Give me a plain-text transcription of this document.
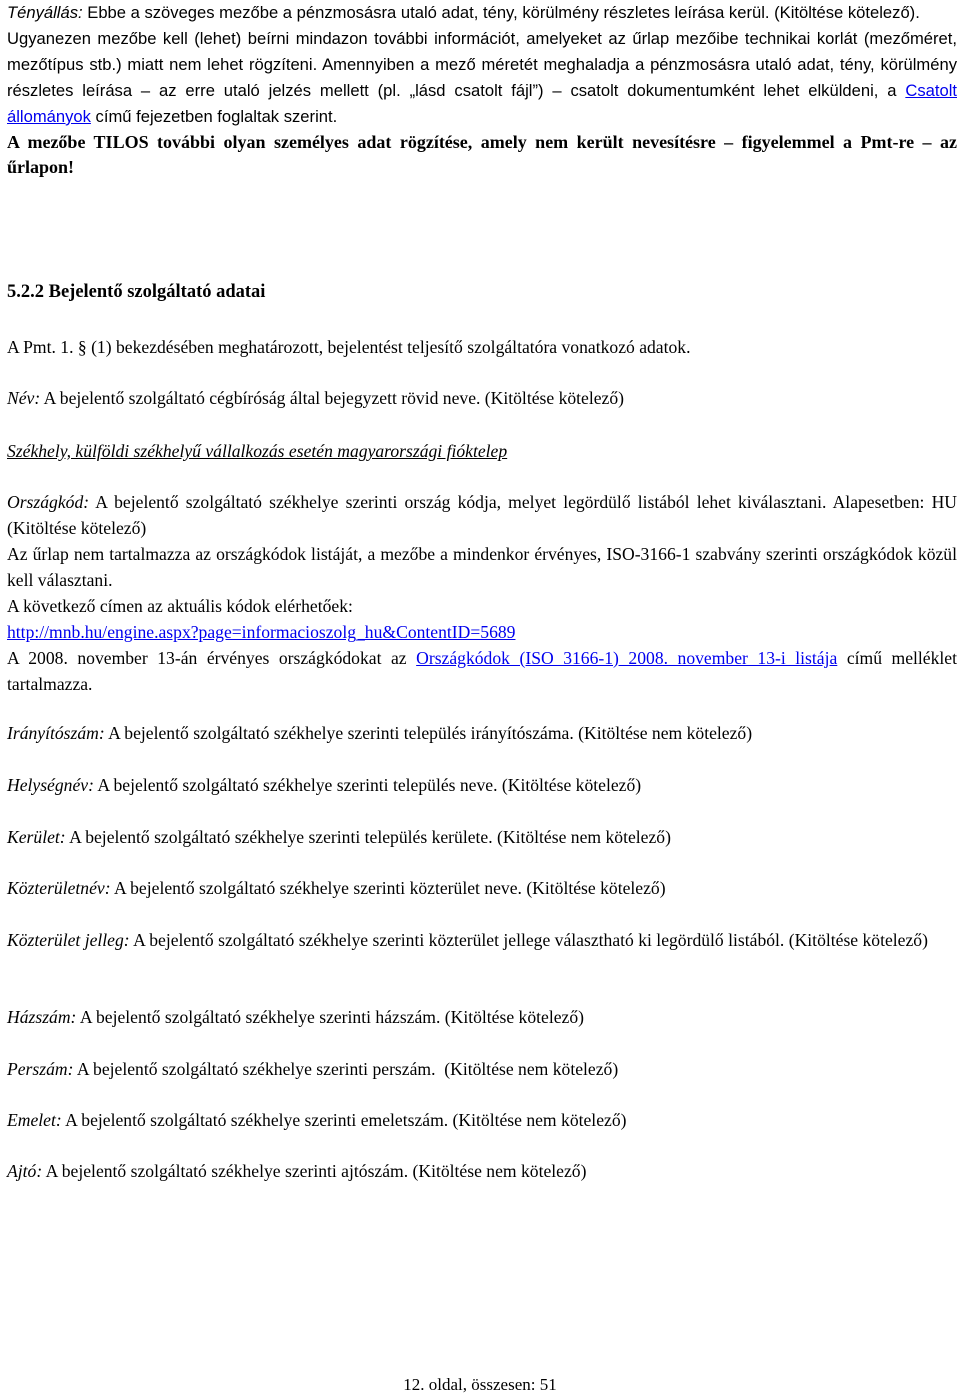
Tényállás: Ebbe a szöveges mezőbe a pénzmosásra utaló adat, tény, körülmény részletes leírása kerül. (Kitöltése kötelező).

Ugyanezen mezőbe kell (lehet) beírni mindazon további információt, amelyeket az űrlap mezőibe technikai korlát (mezőméret, mezőtípus stb.) miatt nem lehet rögzíteni. Amennyiben a mező méretét meghaladja a pénzmosásra utaló adat, tény, körülmény részletes leírása – az erre utaló jelzés mellett (pl. „lásd csatolt fájl”) – csatolt dokumentumként lehet elküldeni, a Csatolt állományok című fejezetben foglaltak szerint.

A mezőbe TILOS további olyan személyes adat rögzítése, amely nem került nevesítésre – figyelemmel a Pmt-re – az űrlapon!

5.2.2 Bejelentő szolgáltató adatai

A Pmt. 1. § (1) bekezdésében meghatározott, bejelentést teljesítő szolgáltatóra vonatkozó adatok.

Név: A bejelentő szolgáltató cégbíróság által bejegyzett rövid neve. (Kitöltése kötelező)

Székhely, külföldi székhelyű vállalkozás esetén magyarországi fióktelep

Országkód: A bejelentő szolgáltató székhelye szerinti ország kódja, melyet legördülő listából lehet kiválasztani. Alapesetben: HU (Kitöltése kötelező)

Az űrlap nem tartalmazza az országkódok listáját, a mezőbe a mindenkor érvényes, ISO-3166-1 szabvány szerinti országkódok közül kell választani.

A következő címen az aktuális kódok elérhetőek:

http://mnb.hu/engine.aspx?page=informacioszolg_hu&ContentID=5689

A 2008. november 13-án érvényes országkódokat az Országkódok (ISO 3166-1) 2008. november 13-i listája című melléklet tartalmazza.

Irányítószám: A bejelentő szolgáltató székhelye szerinti település irányítószáma. (Kitöltése nem kötelező)

Helységnév: A bejelentő szolgáltató székhelye szerinti település neve. (Kitöltése kötelező)

Kerület: A bejelentő szolgáltató székhelye szerinti település kerülete. (Kitöltése nem kötelező)

Közterületnév: A bejelentő szolgáltató székhelye szerinti közterület neve. (Kitöltése kötelező)

Közterület jelleg: A bejelentő szolgáltató székhelye szerinti közterület jellege választható ki legördülő listából. (Kitöltése kötelező)

Házszám: A bejelentő szolgáltató székhelye szerinti házszám. (Kitöltése kötelező)

Perszám: A bejelentő szolgáltató székhelye szerinti perszám.  (Kitöltése nem kötelező)

Emelet: A bejelentő szolgáltató székhelye szerinti emeletszám. (Kitöltése nem kötelező)

Ajtó: A bejelentő szolgáltató székhelye szerinti ajtószám. (Kitöltése nem kötelező)

12. oldal, összesen: 51
